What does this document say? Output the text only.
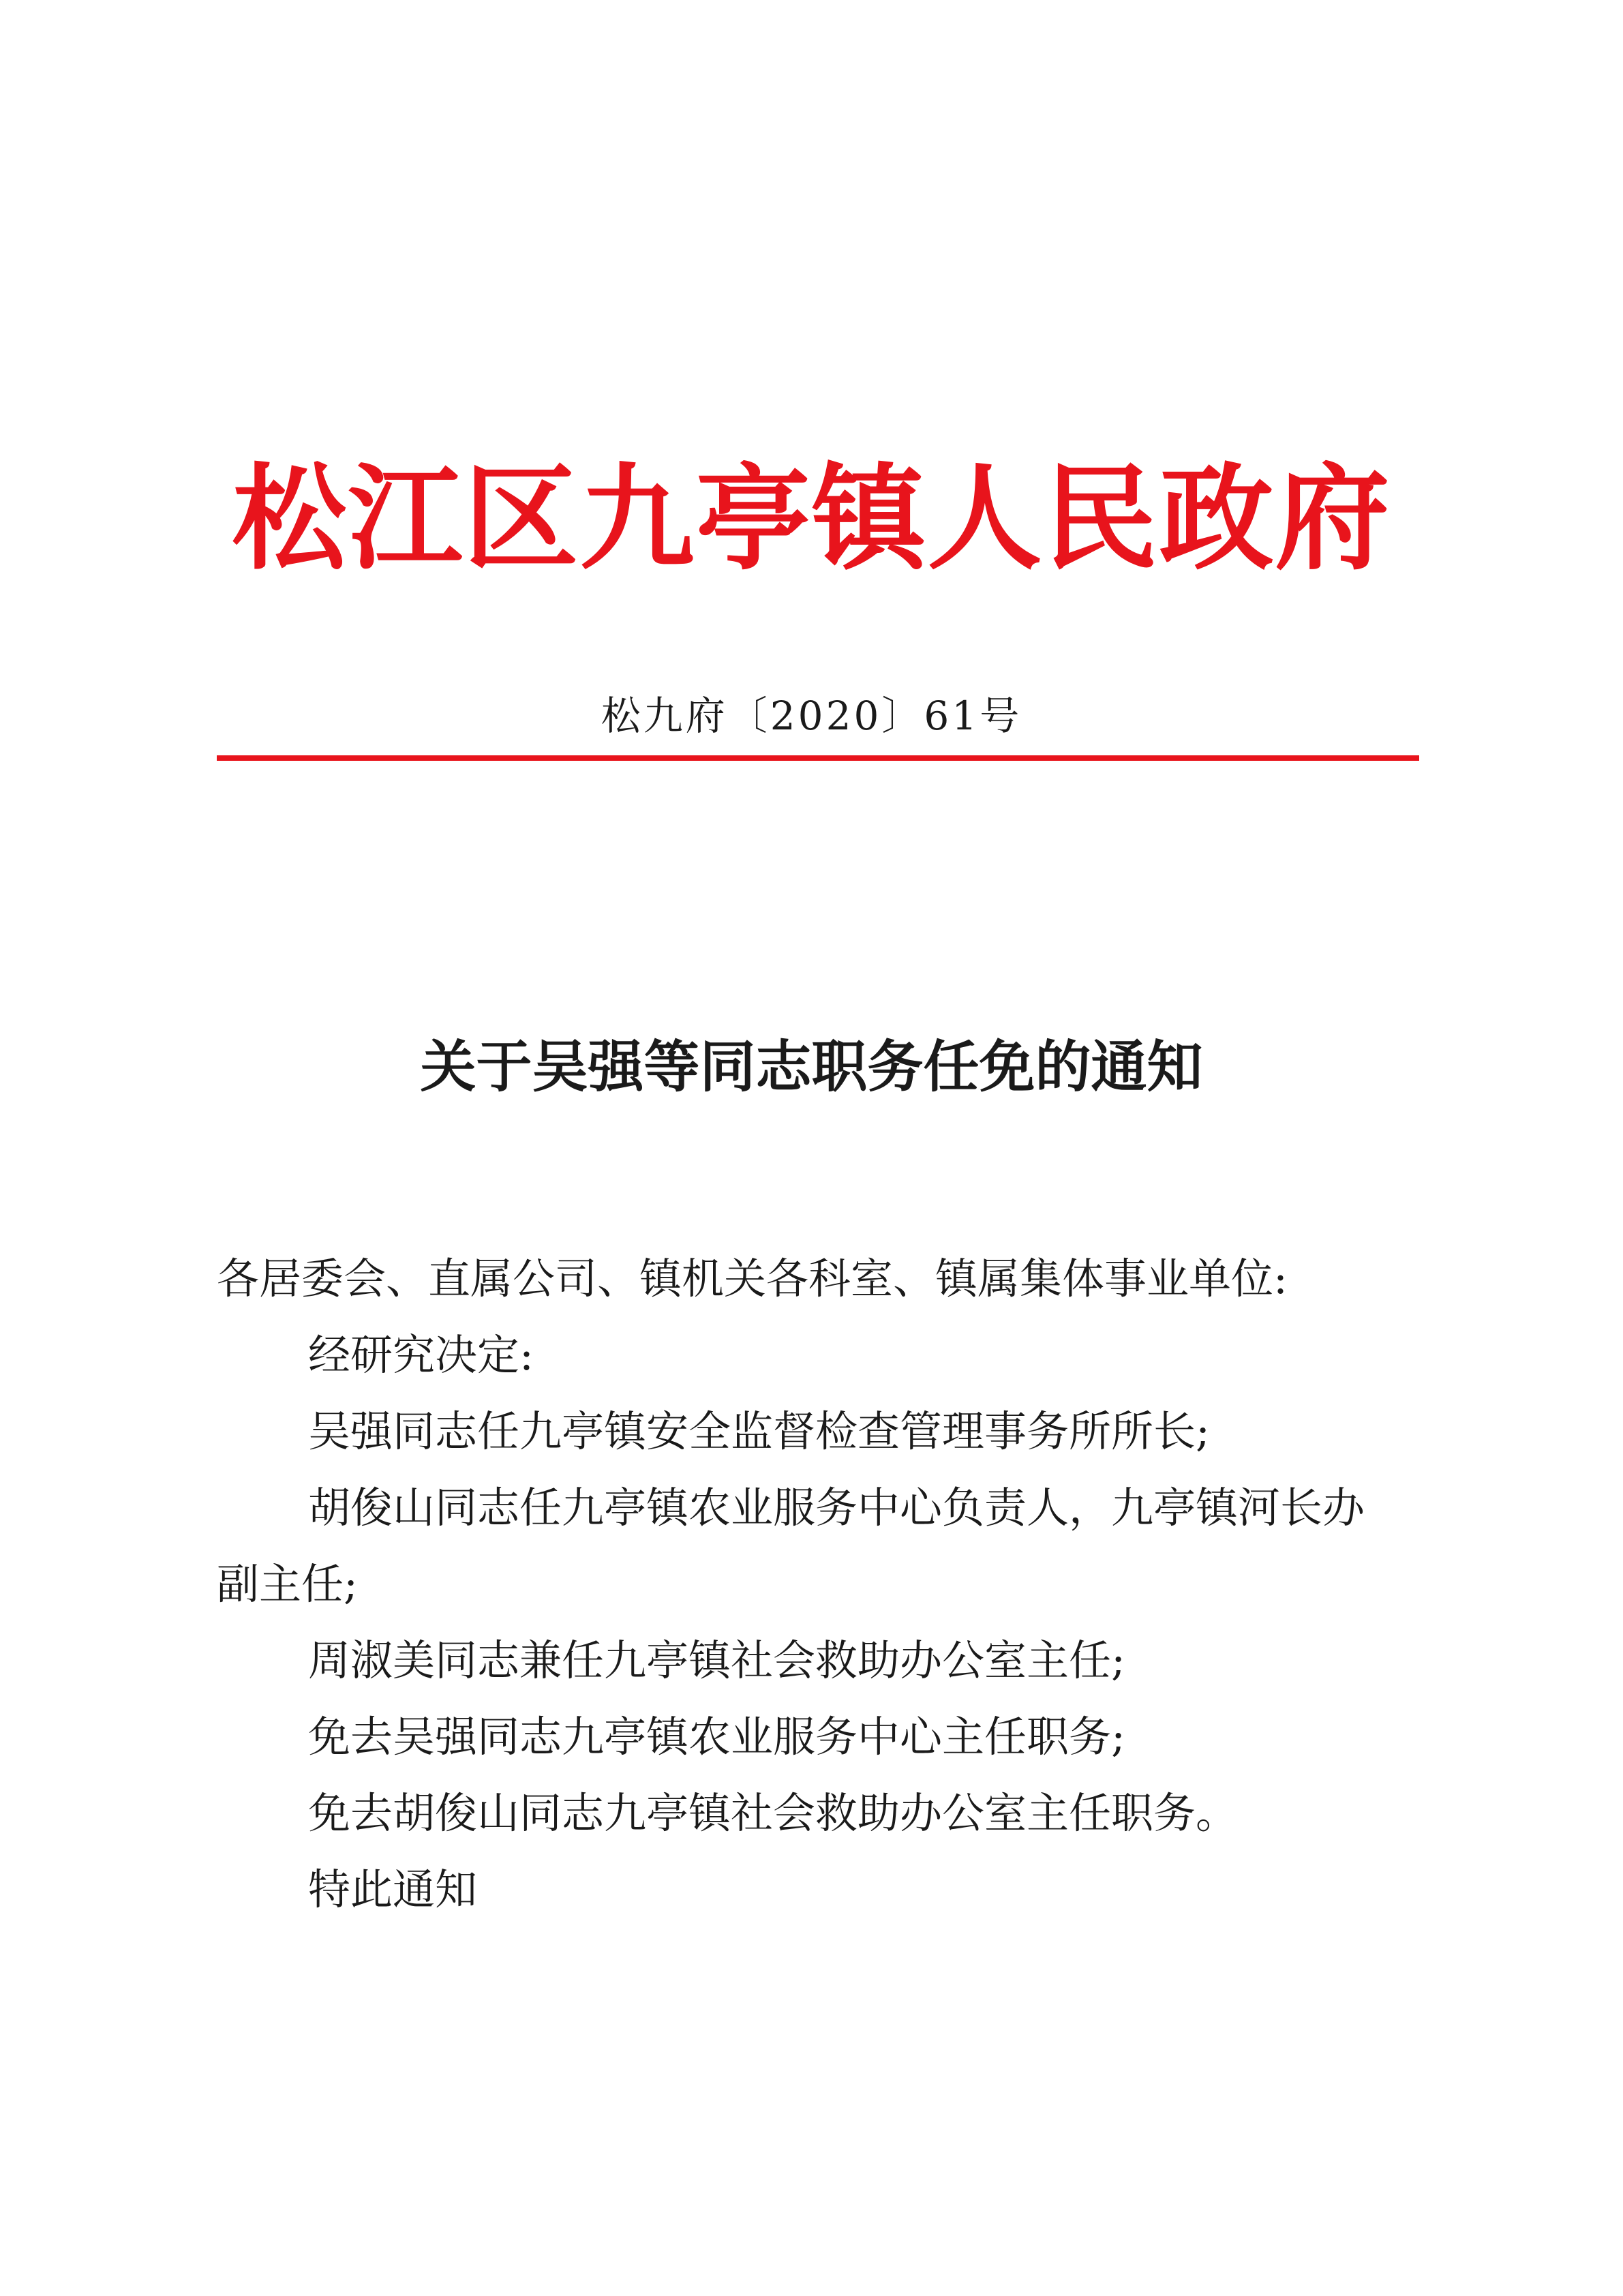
松江区九亭镇人民政府
松九府〔2020〕61号
关于吴强等同志职务任免的通知

各居委会、直属公司、镇机关各科室、镇属集体事业单位:

经研究决定:

吴强同志任九亭镇安全监督检查管理事务所所长;

胡俊山同志任九亭镇农业服务中心负责人，九亭镇河长办

副主任;

周淑美同志兼任九亭镇社会救助办公室主任;

免去吴强同志九亭镇农业服务中心主任职务;

免去胡俊山同志九亭镇社会救助办公室主任职务。

特此通知
